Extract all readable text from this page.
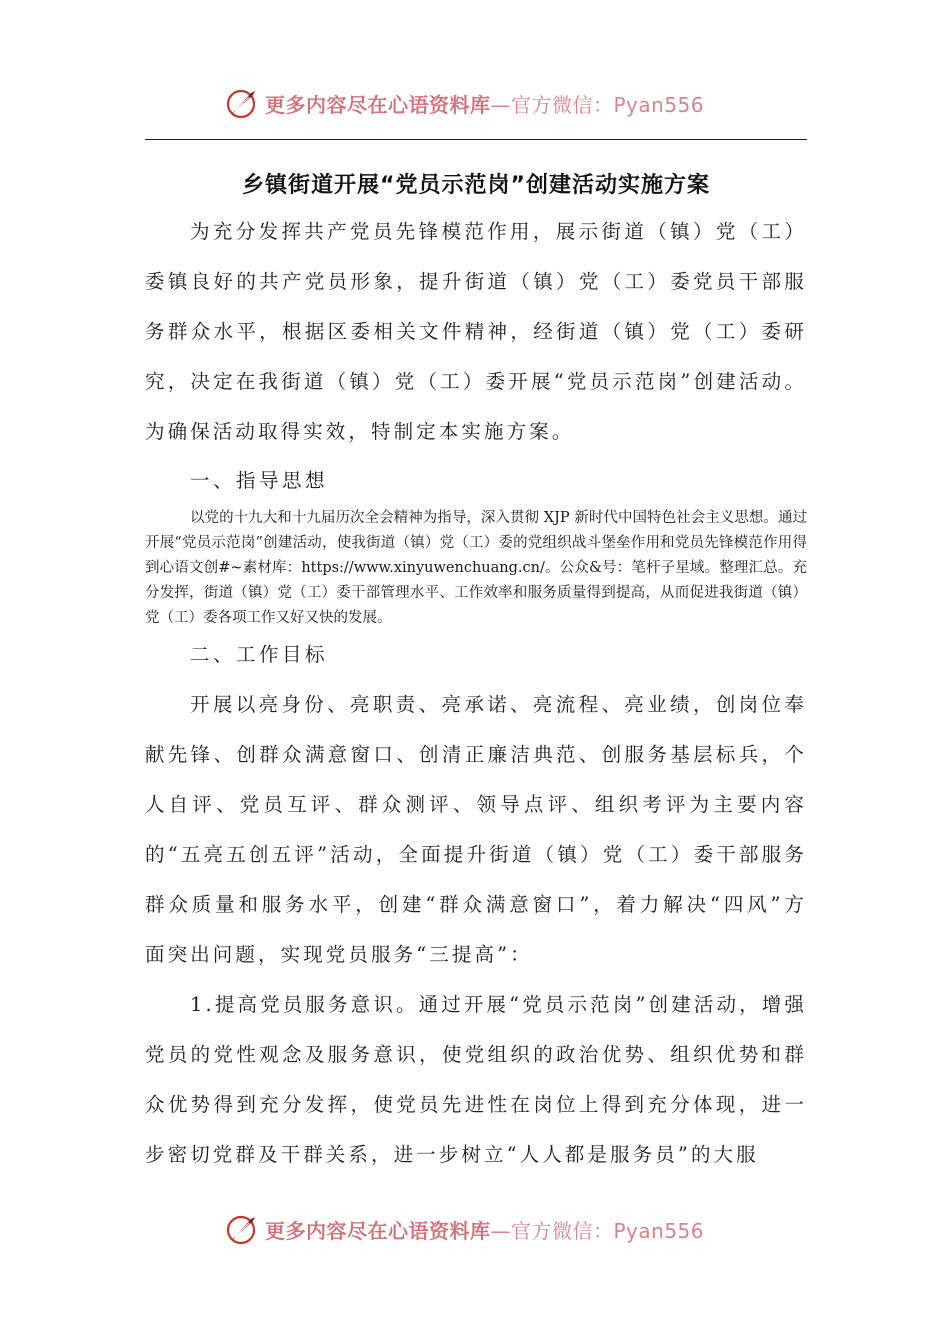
更多内容尽在心语资料库—官方微信：Pyan556
乡镇街道开展“党员示范岗”创建活动实施方案

为充分发挥共产党员先锋模范作用，展示街道（镇）党（工）委镇良好的共产党员形象，提升街道（镇）党（工）委党员干部服务群众水平，根据区委相关文件精神，经街道（镇）党（工）委研究，决定在我街道（镇）党（工）委开展“党员示范岗”创建活动。为确保活动取得实效，特制定本实施方案。

一、指导思想

以党的十九大和十九届历次全会精神为指导，深入贯彻 XJP 新时代中国特色社会主义思想。通过开展“党员示范岗”创建活动，使我街道（镇）党（工）委的党组织战斗堡垒作用和党员先锋模范作用得到心语文创#~素材库：https://www.xinyuwenchuang.cn/。公众&号：笔杆子星域。整理汇总。充分发挥，街道（镇）党（工）委干部管理水平、工作效率和服务质量得到提高，从而促进我街道（镇）党（工）委各项工作又好又快的发展。

二、工作目标

开展以亮身份、亮职责、亮承诺、亮流程、亮业绩，创岗位奉献先锋、创群众满意窗口、创清正廉洁典范、创服务基层标兵，个人自评、党员互评、群众测评、领导点评、组织考评为主要内容的“五亮五创五评”活动，全面提升街道（镇）党（工）委干部服务群众质量和服务水平，创建“群众满意窗口”，着力解决“四风”方面突出问题，实现党员服务“三提高”：

1.提高党员服务意识。通过开展“党员示范岗”创建活动，增强党员的党性观念及服务意识，使党组织的政治优势、组织优势和群众优势得到充分发挥，使党员先进性在岗位上得到充分体现，进一步密切党群及干群关系，进一步树立“人人都是服务员”的大服

更多内容尽在心语资料库—官方微信：Pyan556
